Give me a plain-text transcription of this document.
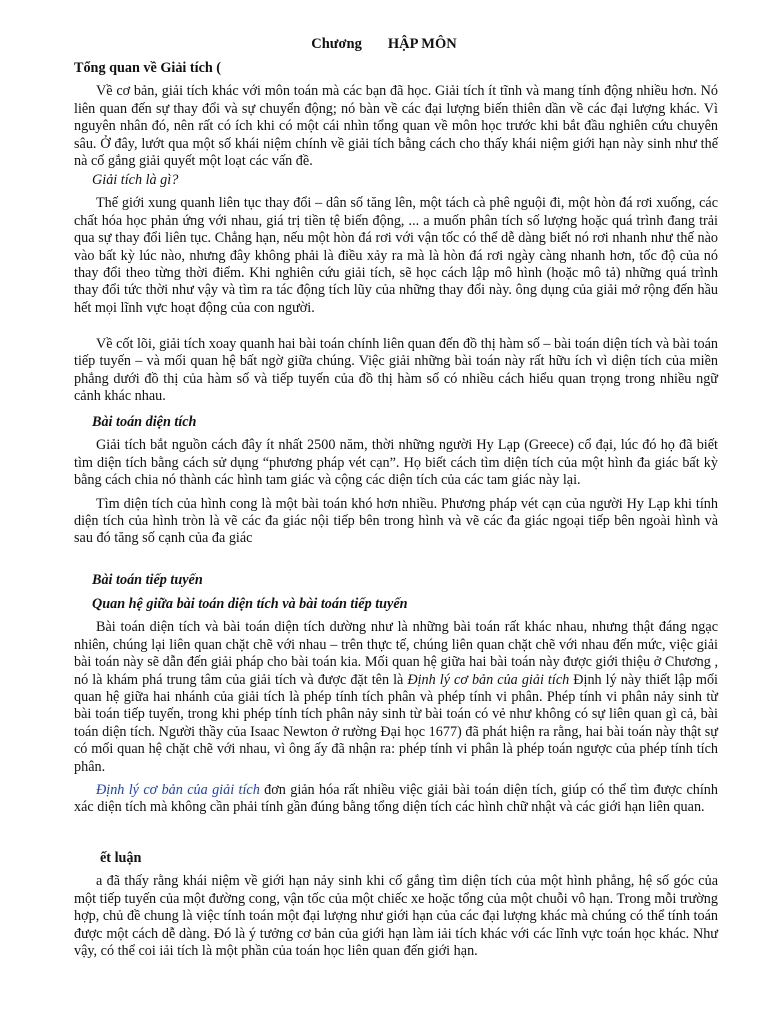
Chương HẬP MÔN

Tổng quan về Giải tích (

Về cơ bản, giải tích khác với môn toán mà các bạn đã học. Giải tích ít tĩnh và mang tính động nhiều hơn. Nó liên quan đến sự thay đổi và sự chuyển động; nó bàn về các đại lượng biến thiên dần về các đại lượng khác. Vì nguyên nhân đó, nên rất có ích khi có một cái nhìn tổng quan về môn học trước khi bắt đầu nghiên cứu chuyên sâu. Ở đây, lướt qua một số khái niệm chính về giải tích bằng cách cho thấy khái niệm giới hạn này sinh như thế nà cố gắng giải quyết một loạt các vấn đề.

Giải tích là gì?

Thế giới xung quanh liên tục thay đổi – dân số tăng lên, một tách cà phê nguội đi, một hòn đá rơi xuống, các chất hóa học phản ứng với nhau, giá trị tiền tệ biến động, ... a muốn phân tích số lượng hoặc quá trình đang trải qua sự thay đổi liên tục. Chẳng hạn, nếu một hòn đá rơi với vận tốc có thể dễ dàng biết nó rơi nhanh như thế nào vào bất kỳ lúc nào, nhưng đây không phải là điều xảy ra mà là hòn đá rơi ngày càng nhanh hơn, tốc độ của nó thay đổi theo từng thời điểm. Khi nghiên cứu giải tích, sẽ học cách lập mô hình (hoặc mô tả) những quá trình thay đổi tức thời như vậy và tìm ra tác động tích lũy của những thay đổi này. ông dụng của giải mở rộng đến hầu hết mọi lĩnh vực hoạt động của con người.

Về cốt lõi, giải tích xoay quanh hai bài toán chính liên quan đến đồ thị hàm số – bài toán diện tích và bài toán tiếp tuyến – và mối quan hệ bất ngờ giữa chúng. Việc giải những bài toán này rất hữu ích vì diện tích của miền phẳng dưới đồ thị của hàm số và tiếp tuyến của đồ thị hàm số có nhiều cách hiểu quan trọng trong nhiều ngữ cảnh khác nhau.

Bài toán diện tích

Giải tích bắt nguồn cách đây ít nhất 2500 năm, thời những người Hy Lạp (Greece) cổ đại, lúc đó họ đã biết tìm diện tích bằng cách sử dụng “phương pháp vét cạn”. Họ biết cách tìm diện tích của một hình đa giác bất kỳ bằng cách chia nó thành các hình tam giác và cộng các diện tích của các tam giác này lại.

Tìm diện tích của hình cong là một bài toán khó hơn nhiều. Phương pháp vét cạn của người Hy Lạp khi tính diện tích của hình tròn là vẽ các đa giác nội tiếp bên trong hình và vẽ các đa giác ngoại tiếp bên ngoài hình và sau đó tăng số cạnh của đa giác

Bài toán tiếp tuyến

Quan hệ giữa bài toán diện tích và bài toán tiếp tuyến

Bài toán diện tích và bài toán diện tích dường như là những bài toán rất khác nhau, nhưng thật đáng ngạc nhiên, chúng lại liên quan chặt chẽ với nhau – trên thực tế, chúng liên quan chặt chẽ với nhau đến mức, việc giải bài toán này sẽ dẫn đến giải pháp cho bài toán kia. Mối quan hệ giữa hai bài toán này được giới thiệu ở Chương , nó là khám phá trung tâm của giải tích và được đặt tên là Định lý cơ bản của giải tích Định lý này thiết lập mối quan hệ giữa hai nhánh của giải tích là phép tính tích phân và phép tính vi phân. Phép tính vi phân nảy sinh từ bài toán tiếp tuyến, trong khi phép tính tích phân nảy sinh từ bài toán có vẻ như không có sự liên quan gì cả, bài toán diện tích. Người thầy của Isaac Newton ở rường Đại học 1677) đã phát hiện ra rằng, hai bài toán này thật sự có mối quan hệ chặt chẽ với nhau, vì ông ấy đã nhận ra: phép tính vi phân là phép toán ngược của phép tính tích phân.

Định lý cơ bản của giải tích đơn giản hóa rất nhiều việc giải bài toán diện tích, giúp có thể tìm được chính xác diện tích mà không cần phải tính gần đúng bằng tổng diện tích các hình chữ nhật và các giới hạn liên quan.

ết luận

a đã thấy rằng khái niệm về giới hạn nảy sinh khi cố gắng tìm diện tích của một hình phẳng, hệ số góc của một tiếp tuyến của một đường cong, vận tốc của một chiếc xe hoặc tổng của một chuỗi vô hạn. Trong mỗi trường hợp, chủ đề chung là việc tính toán một đại lượng như giới hạn của các đại lượng khác mà chúng có thể tính toán được một cách dễ dàng. Đó là ý tưởng cơ bản của giới hạn làm iải tích khác với các lĩnh vực toán học khác. Như vậy, có thể coi iải tích là một phần của toán học liên quan đến giới hạn.
